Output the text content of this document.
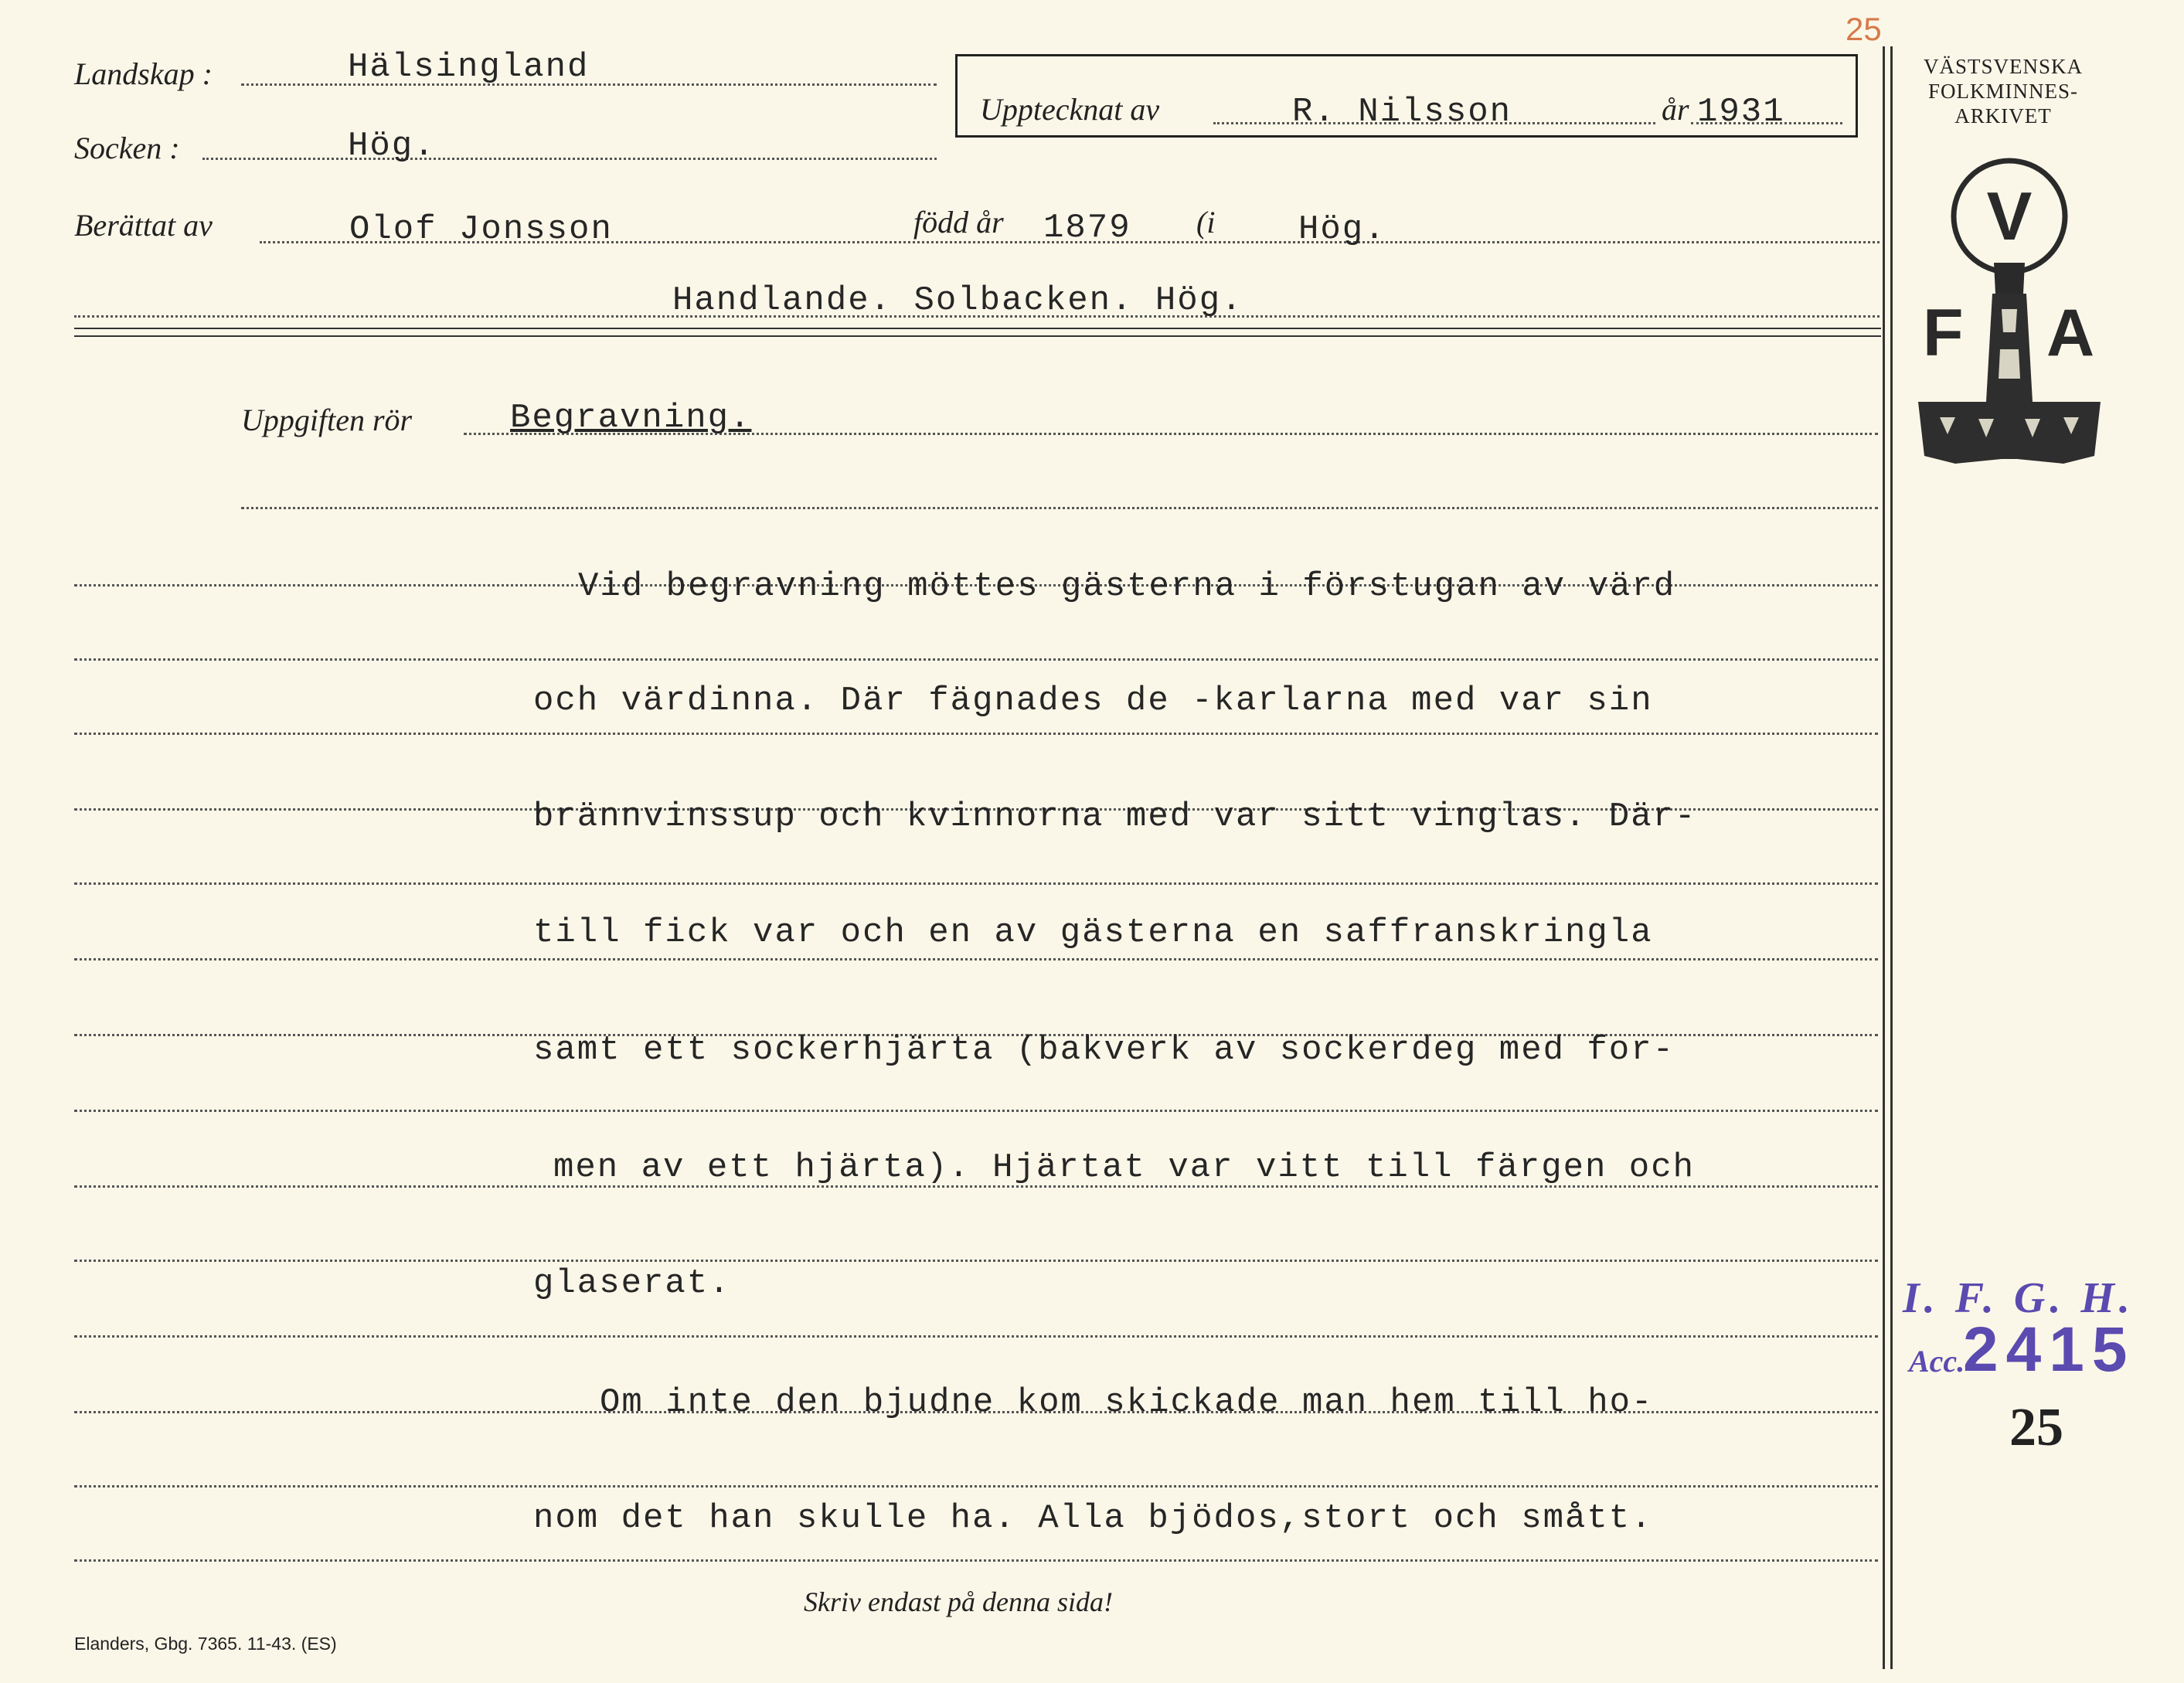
25
Landskap :	Hälsingland
Socken :	Hög.
Uppteck​nat av	R. Nilsson	år 1931
Berättat av	Olof Jonsson	född år 1879 (i Hög.
Handlande. Solbacken. Hög.
Uppgiften rör	Begravning.
Vid begravning möttes gästerna i förstugan av värd
och värdinna. Där fägnades de -karlarna med var sin
brännvinssup och kvinnorna med var sitt vinglas. Där-
till fick var och en av gästerna en saffranskringla
samt ett sockerhjärta (bakverk av sockerdeg med for-
men av ett hjärta). Hjärtat var vitt till färgen och
glaserat.
Om inte den bjudne kom skickade man hem till ho-
nom det han skulle ha. Alla bjödos,stort och smått.
VÄSTSVENSKA
FOLKMINNES-
ARKIVET
V
F A
I. F. G. H.
Acc.
2415
25
Skriv endast på denna sida!
Elanders, Gbg. 7365. 11-43. (ES)
